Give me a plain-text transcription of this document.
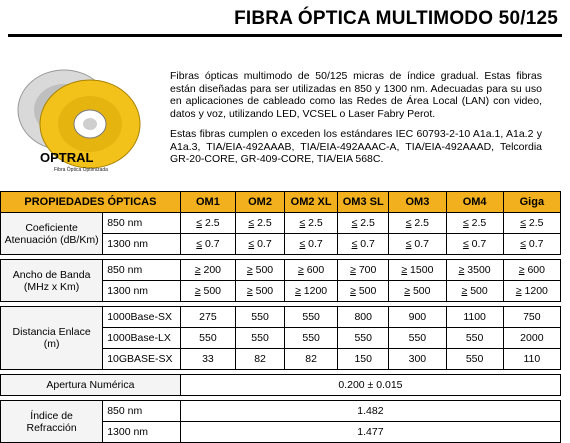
FIBRA ÓPTICA MULTIMODO 50/125
OPTRAL
Fibra Óptica Optimizada

Fibras ópticas multimodo de 50/125 micras de índice gradual. Estas fibras están diseñadas para ser utilizadas en 850 y 1300 nm. Adecuadas para su uso en aplicaciones de cableado como las Redes de Área Local (LAN) con video, datos y voz, utilizando LED, VCSEL o Laser Fabry Perot.

Estas fibras cumplen o exceden los estándares IEC 60793-2-10 A1a.1, A1a.2 y A1a.3, TIA/EIA-492AAAB, TIA/EIA-492AAAC-A, TIA/EIA-492AAAD, Telcordia GR-20-CORE, GR-409-CORE, TIA/EIA 568C.

PROPIEDADES ÓPTICAS		OM1	OM2	OM2 XL	OM3 SL	OM3	OM4	Giga
Coeficiente Atenuación (dB/Km)	850 nm	≤ 2.5	≤ 2.5	≤ 2.5	≤ 2.5	≤ 2.5	≤ 2.5	≤ 2.5
	1300 nm	≤ 0.7	≤ 0.7	≤ 0.7	≤ 0.7	≤ 0.7	≤ 0.7	≤ 0.7

Ancho de Banda (MHz x Km)	850 nm	≥ 200	≥ 500	≥ 600	≥ 700	≥ 1500	≥ 3500	≥ 600
	1300 nm	≥ 500	≥ 500	≥ 1200	≥ 500	≥ 500	≥ 500	≥ 1200

Distancia Enlace (m)	1000Base-SX	275	550	550	800	900	1100	750
	1000Base-LX	550	550	550	550	550	550	2000
	10GBASE-SX	33	82	82	150	300	550	110

Apertura Numérica		0.200 ± 0.015						

Índice de Refracción	850 nm	1.482						
	1300 nm	1.477						
